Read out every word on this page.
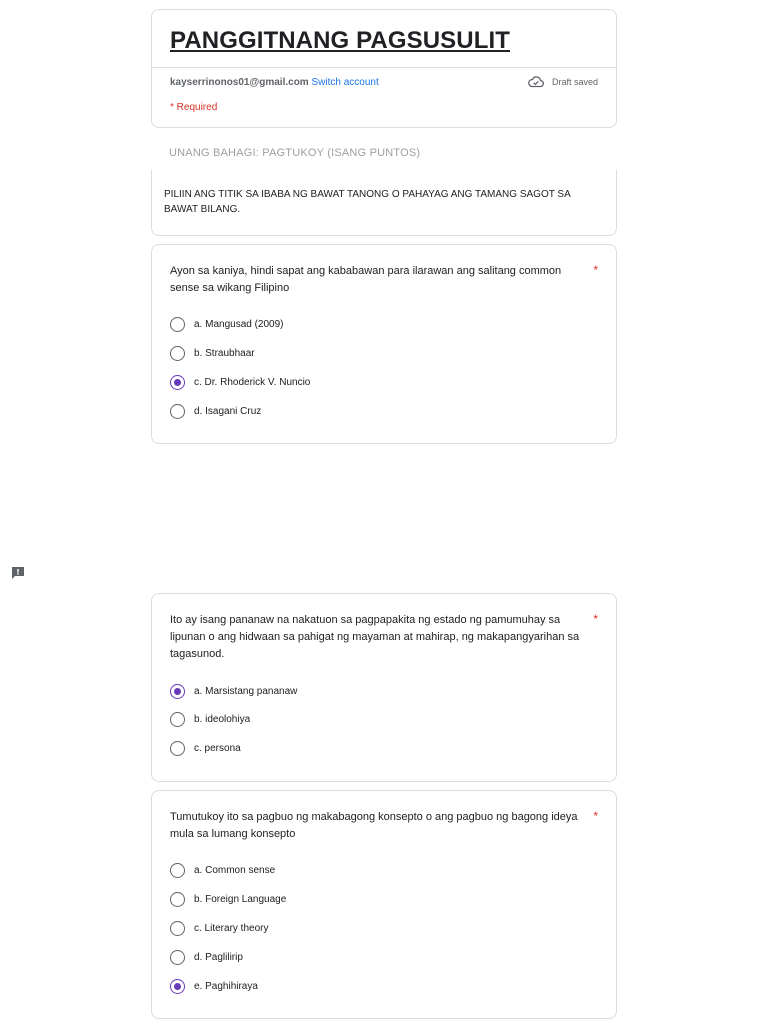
PANGGITNANG PAGSUSULIT
kayserrinonos01@gmail.com Switch account	Draft saved
* Required
UNANG BAHAGI: PAGTUKOY (ISANG PUNTOS)
PILIIN ANG TITIK SA IBABA NG BAWAT TANONG O PAHAYAG ANG TAMANG SAGOT SA BAWAT BILANG.
Ayon sa kaniya, hindi sapat ang kababawan para ilarawan ang salitang common sense sa wikang Filipino
*
a. Mangusad (2009)
b. Straubhaar
c. Dr. Rhoderick V. Nuncio
d. Isagani Cruz
Ito ay isang pananaw na nakatuon sa pagpapakita ng estado ng pamumuhay sa lipunan o ang hidwaan sa pahigat ng mayaman at mahirap, ng makapangyarihan sa tagasunod.
*
a. Marsistang pananaw
b. ideolohiya
c. persona
Tumutukoy ito sa pagbuo ng makabagong konsepto o ang pagbuo ng bagong ideya mula sa lumang konsepto
*
a. Common sense
b. Foreign Language
c. Literary theory
d. Paglilirip
e. Paghihiraya
